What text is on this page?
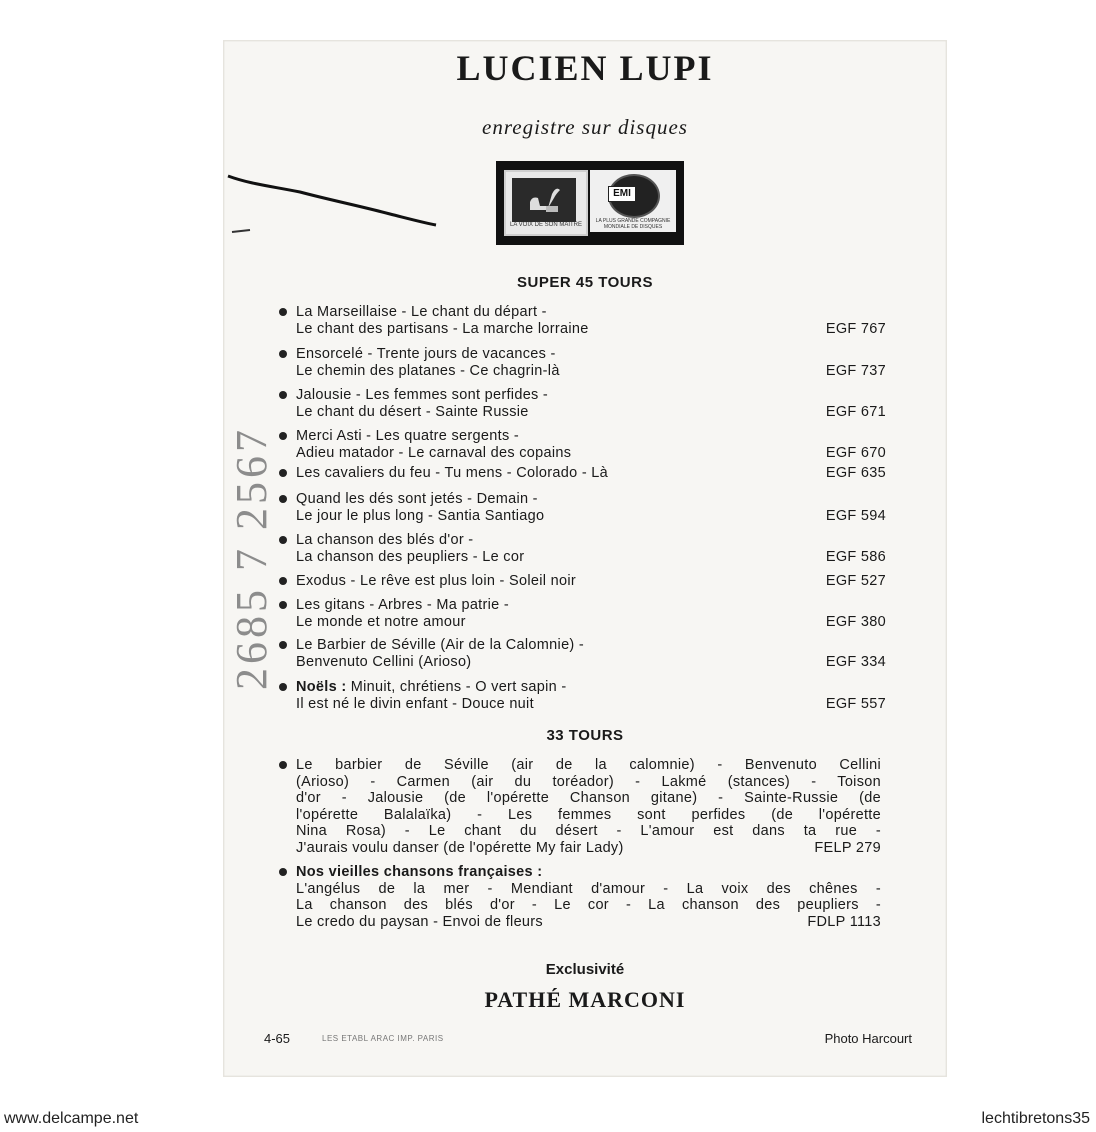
LUCIEN LUPI
enregistre sur disques
LA VOIX DE SON MAITRE
EMI
LA PLUS GRANDE COMPAGNIE MONDIALE DE DISQUES
SUPER 45 TOURS
La Marseillaise - Le chant du départ -
Le chant des partisans - La marche lorraine	EGF 767
Ensorcelé - Trente jours de vacances -
Le chemin des platanes - Ce chagrin-là	EGF 737
Jalousie - Les femmes sont perfides -
Le chant du désert - Sainte Russie	EGF 671
Merci Asti - Les quatre sergents -
Adieu matador - Le carnaval des copains	EGF 670
Les cavaliers du feu - Tu mens - Colorado - Là	EGF 635
Quand les dés sont jetés - Demain -
Le jour le plus long - Santia Santiago	EGF 594
La chanson des blés d'or -
La chanson des peupliers - Le cor	EGF 586
Exodus - Le rêve est plus loin - Soleil noir	EGF 527
Les gitans - Arbres - Ma patrie -
Le monde et notre amour	EGF 380
Le Barbier de Séville (Air de la Calomnie) -
Benvenuto Cellini (Arioso)	EGF 334
Noëls : Minuit, chrétiens - O vert sapin -

Il est né le divin enfant - Douce nuit	EGF 557
33 TOURS
Le barbier de Séville (air de la calomnie) - Benvenuto Cellini
(Arioso) - Carmen (air du toréador) - Lakmé (stances) - Toison
d'or - Jalousie (de l'opérette Chanson gitane) - Sainte-Russie (de
l'opérette Balalaïka) - Les femmes sont perfides (de l'opérette
Nina Rosa) - Le chant du désert - L'amour est dans ta rue -
J'aurais voulu danser (de l'opérette My fair Lady)	FELP 279
Nos vieilles chansons françaises :
L'angélus de la mer - Mendiant d'amour - La voix des chênes -
La chanson des blés d'or - Le cor - La chanson des peupliers -
Le credo du paysan - Envoi de fleurs	FDLP 1113
Exclusivité
PATHÉ MARCONI
4-65	LES ETABL ARAC IMP. PARIS	Photo Harcourt
2685 7 2567
www.delcampe.net	lechtibretons35
